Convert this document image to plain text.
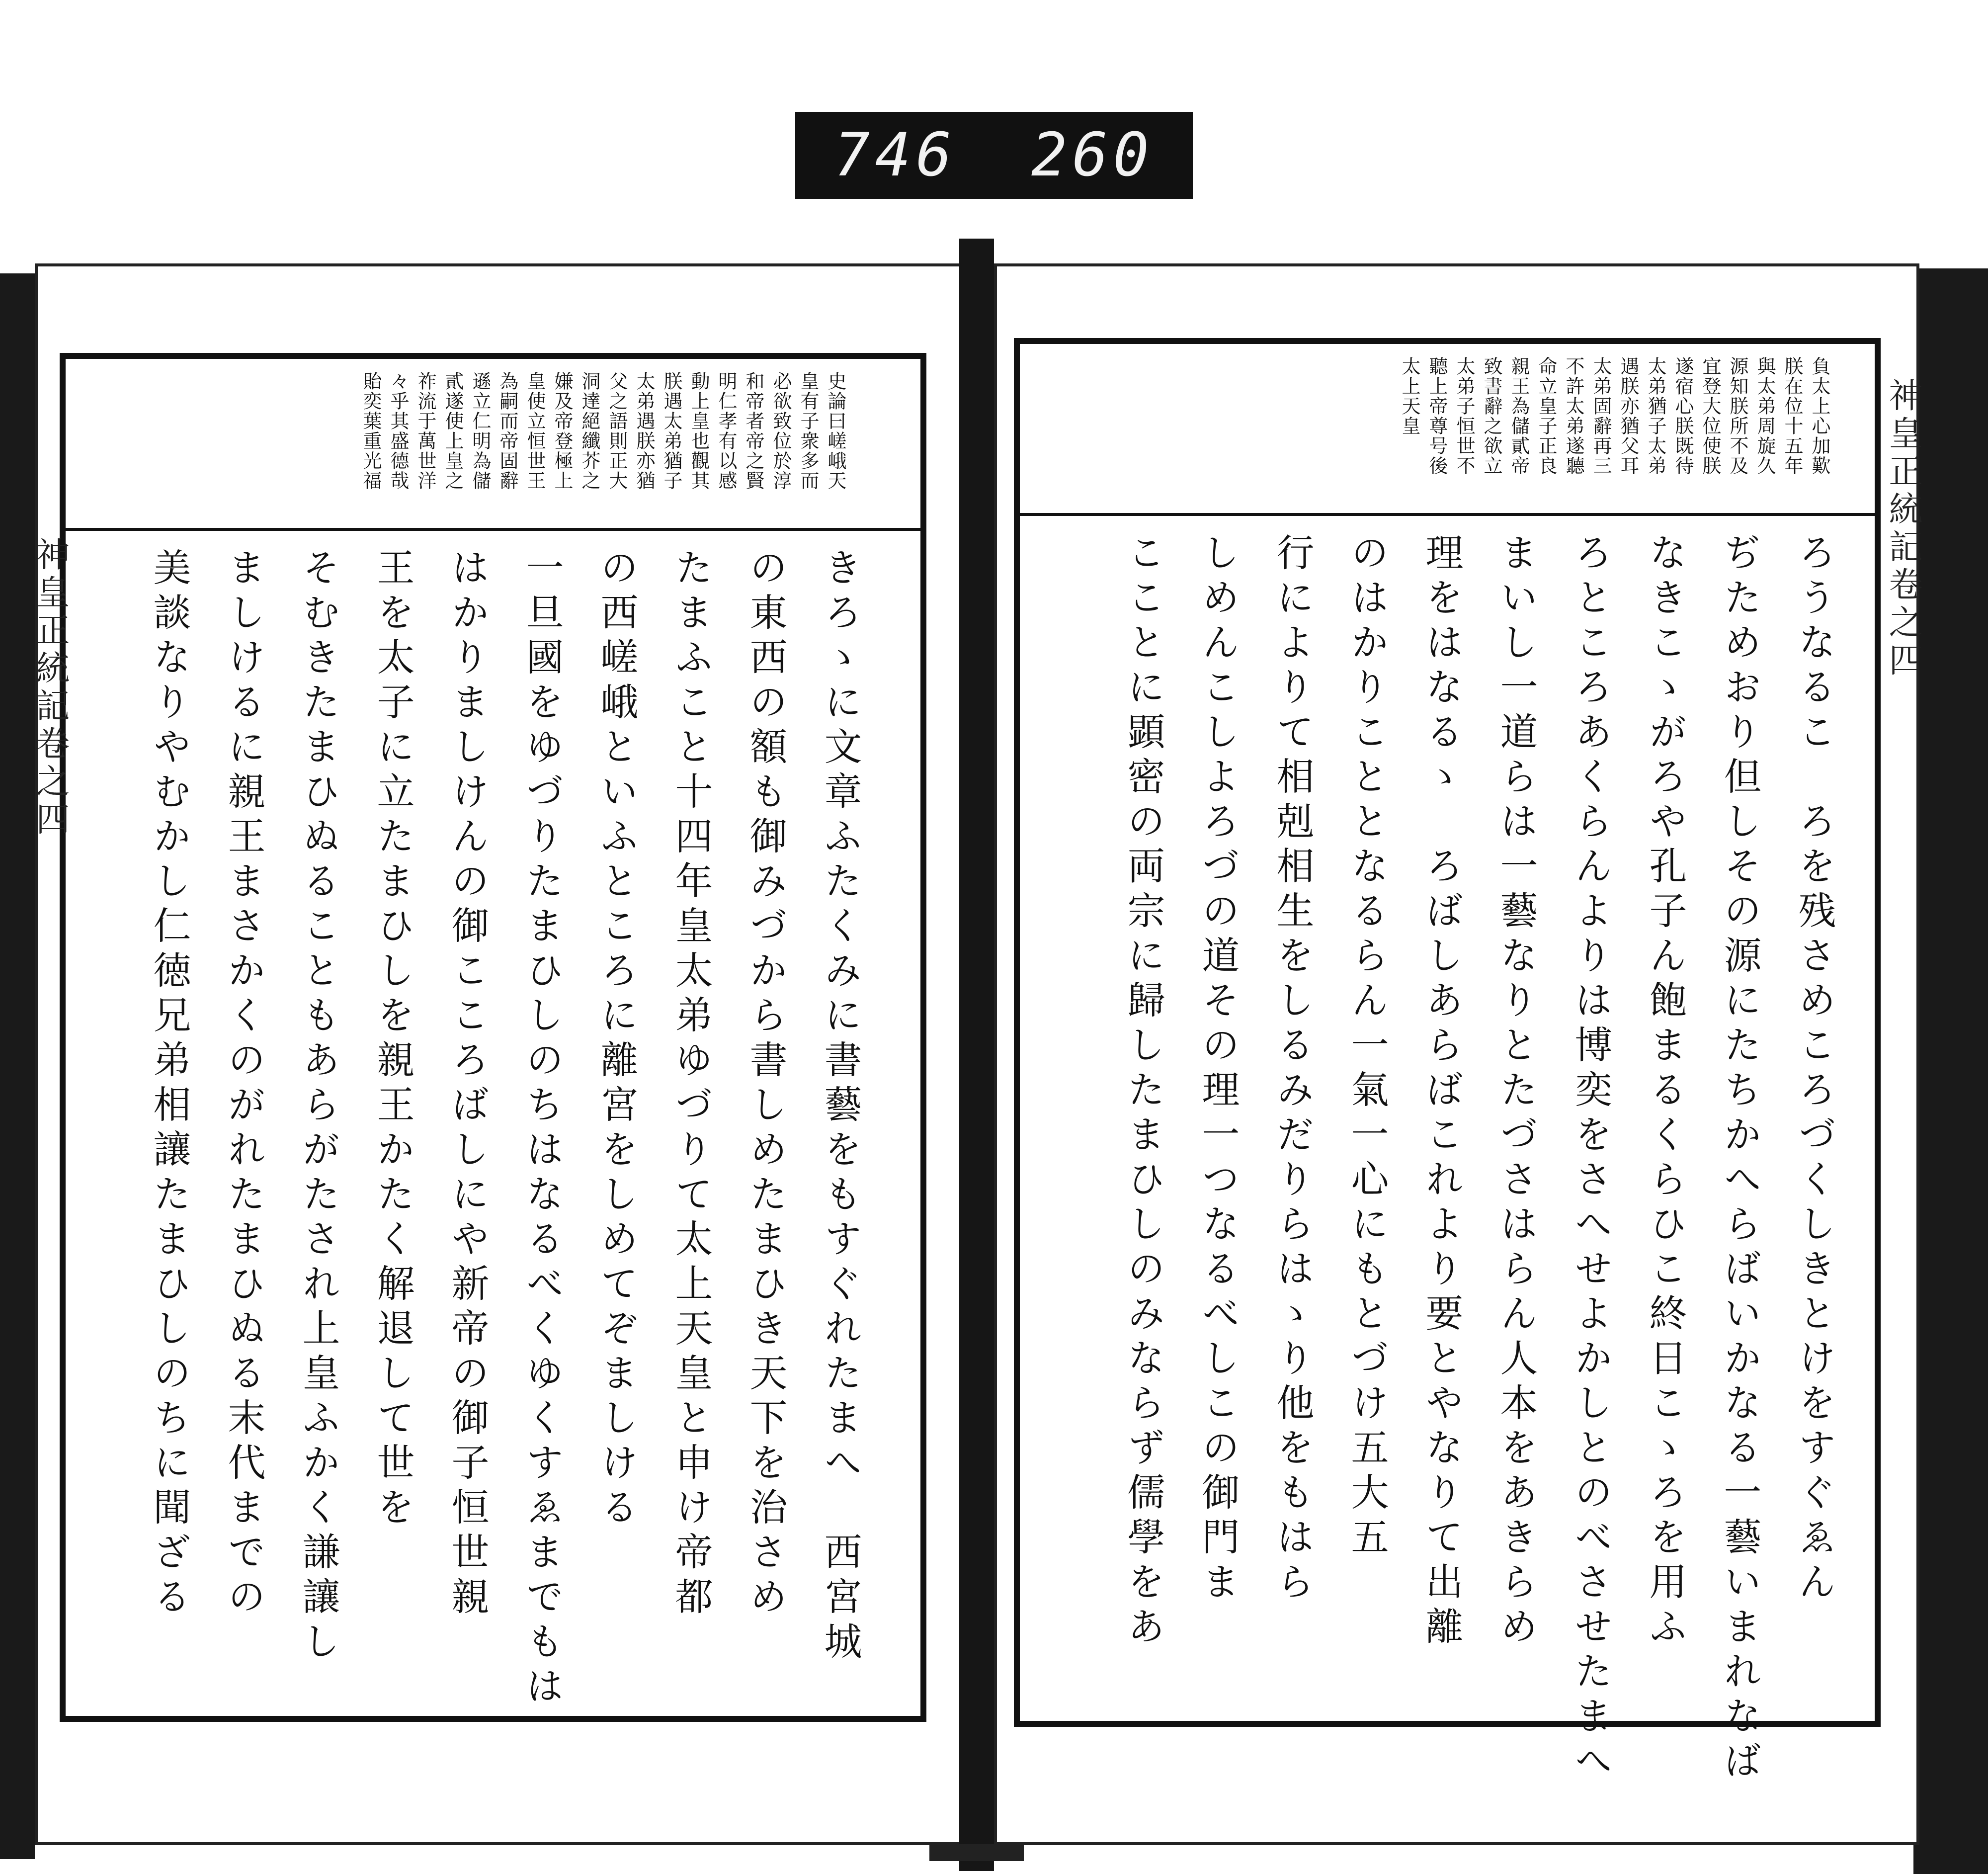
746 260
史論曰嵯峨天
皇有子衆多而
必欲致位於淳
和帝者帝之賢
明仁孝有以感
動上皇也觀其
朕遇太弟猶子
太弟遇朕亦猶
父之語則正大
洞達絕纖芥之
嫌及帝登極上
皇使立恒世王
為嗣而帝固辭
遜立仁明為儲
貳遂使上皇之
祚流于萬世洋
々乎其盛德哉
貽奕葉重光福
きろゝに文章ふたくみに書藝をもすぐれたまへ　西宮城
の東西の額も御みづから書しめたまひき天下を治さめ
たまふこと十四年皇太弟ゆづりて太上天皇と申け帝都
の西嵯峨といふところに離宮をしめてぞましける
一旦國をゆづりたまひしのちはなるべくゆくすゑまでもは
はかりましけんの御こころばしにや新帝の御子恒世親
王を太子に立たまひしを親王かたく解退して世を
そむきたまひぬることもあらがたされ上皇ふかく謙讓し
ましけるに親王まさかくのがれたまひぬる末代までの
美談なりやむかし仁徳兄弟相讓たまひしのちに聞ざる
神皇正統記卷之四
負太上心加歎
朕在位十五年
與太弟周旋久
源知朕所不及
宜登大位使朕
遂宿心朕既待
太弟猶子太弟
遇朕亦猶父耳
太弟固辭再三
不許太弟遂聽
命立皇子正良
親王為儲貳帝
致書辭之欲立
太弟子恒世不
聽上帝尊号後
太上天皇
ろうなるこ　ろを残さめころづくしきとけをすぐゑん
ぢためおり但しその源にたちかへらばいかなる一藝いまれなば
なきこゝがろや孔子ん飽まるくらひこ終日こゝろを用ふ
ろところあくらんよりは博奕をさへせよかしとのべさせたまへ
まいし一道らは一藝なりとたづさはらん人本をあきらめ
理をはなるゝ　ろばしあらばこれより要とやなりて出離
のはかりこととなるらん一氣一心にもとづけ五大五
行によりて相剋相生をしるみだりらはゝり他をもはら
しめんこしよろづの道その理一つなるべしこの御門ま
こことに顕密の両宗に歸したまひしのみならず儒學をあ
神皇正統記卷之四
